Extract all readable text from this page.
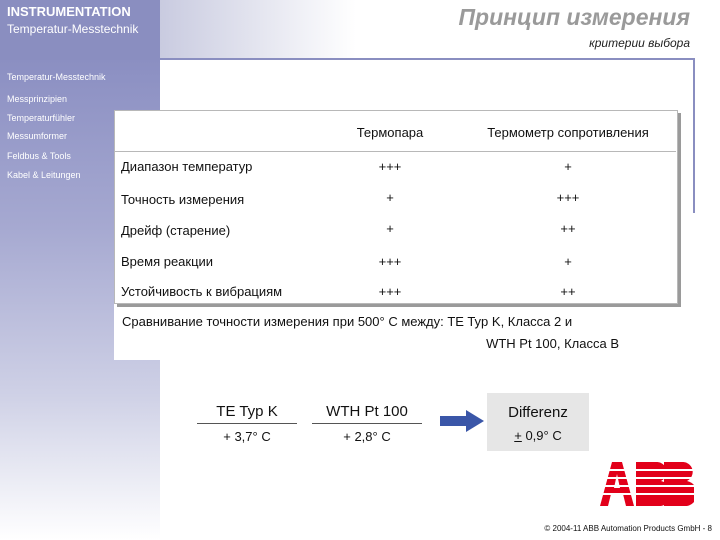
INSTRUMENTATION
Temperatur-Messtechnik	Принцип измерения
критерии выбора
Temperatur-Messtechnik
Messprinzipien
Temperaturfühler
Messumformer
Feldbus & Tools
Kabel & Leitungen
Термопара	Термометр сопротивления
Диапазон температур	+++	+
Точность измерения	+	+++
Дрейф (старение)	+	++
Время реакции	+++	+
Устойчивость к вибрациям	+++	++
Сравнивание точности измерения при 500° С между: TE Typ K, Класса 2 и
WTH Pt 100, Класса В
TE Typ K
+ 3,7° C
WTH Pt 100
+ 2,8° C
Differenz
+ 0,9° C
© 2004-11 ABB Automation Products GmbH - 8
